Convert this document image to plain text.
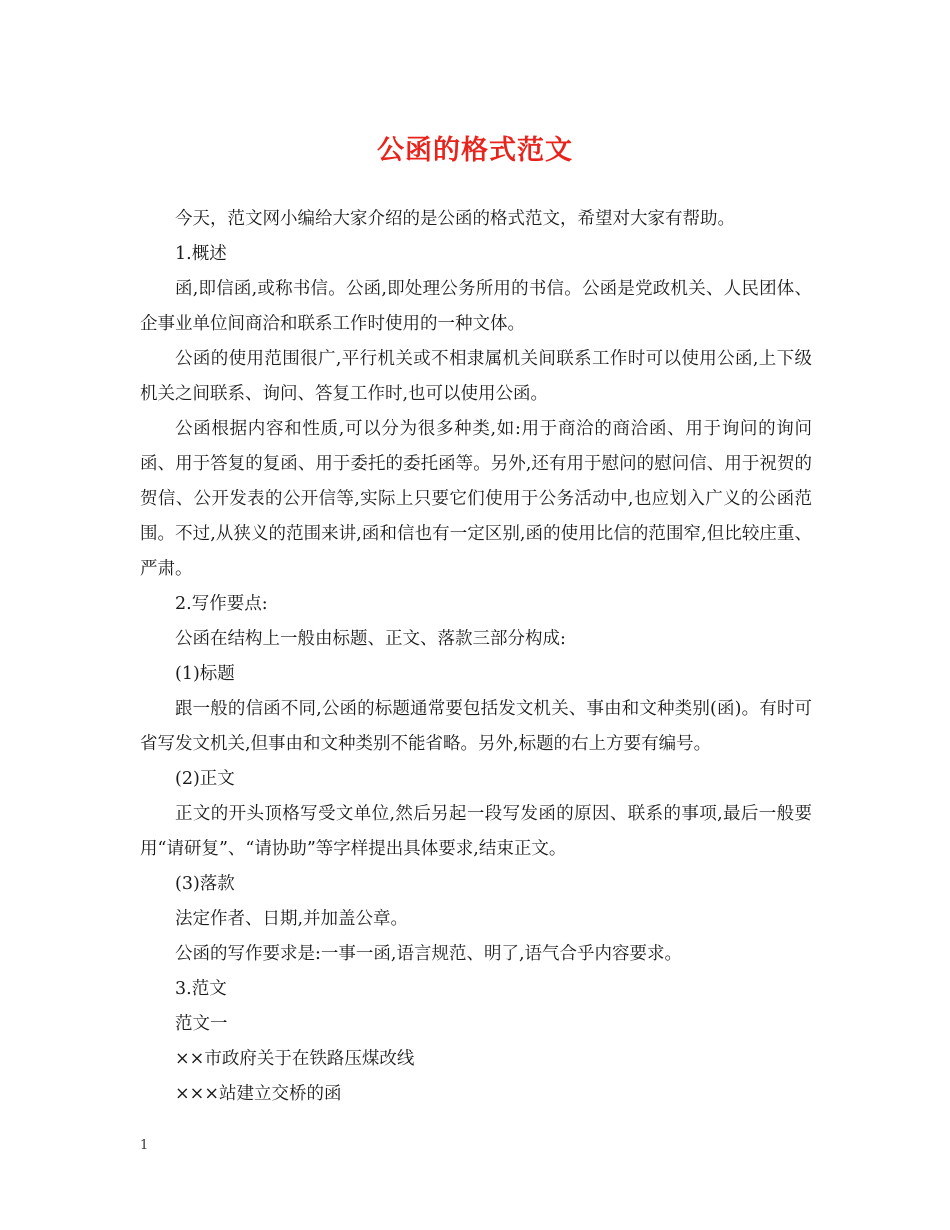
公函的格式范文

今天，范文网小编给大家介绍的是公函的格式范文，希望对大家有帮助。

1.概述

函,即信函,或称书信。公函,即处理公务所用的书信。公函是党政机关、人民团体、企事业单位间商洽和联系工作时使用的一种文体。

公函的使用范围很广,平行机关或不相隶属机关间联系工作时可以使用公函,上下级机关之间联系、询问、答复工作时,也可以使用公函。

公函根据内容和性质,可以分为很多种类,如:用于商洽的商洽函、用于询问的询问函、用于答复的复函、用于委托的委托函等。另外,还有用于慰问的慰问信、用于祝贺的贺信、公开发表的公开信等,实际上只要它们使用于公务活动中,也应划入广义的公函范围。不过,从狭义的范围来讲,函和信也有一定区别,函的使用比信的范围窄,但比较庄重、严肃。

2.写作要点:

公函在结构上一般由标题、正文、落款三部分构成:

(1)标题

跟一般的信函不同,公函的标题通常要包括发文机关、事由和文种类别(函)。有时可省写发文机关,但事由和文种类别不能省略。另外,标题的右上方要有编号。

(2)正文

正文的开头顶格写受文单位,然后另起一段写发函的原因、联系的事项,最后一般要用“请研复”、“请协助”等字样提出具体要求,结束正文。

(3)落款

法定作者、日期,并加盖公章。

公函的写作要求是:一事一函,语言规范、明了,语气合乎内容要求。

3.范文

范文一

××市政府关于在铁路压煤改线

×××站建立交桥的函

1
